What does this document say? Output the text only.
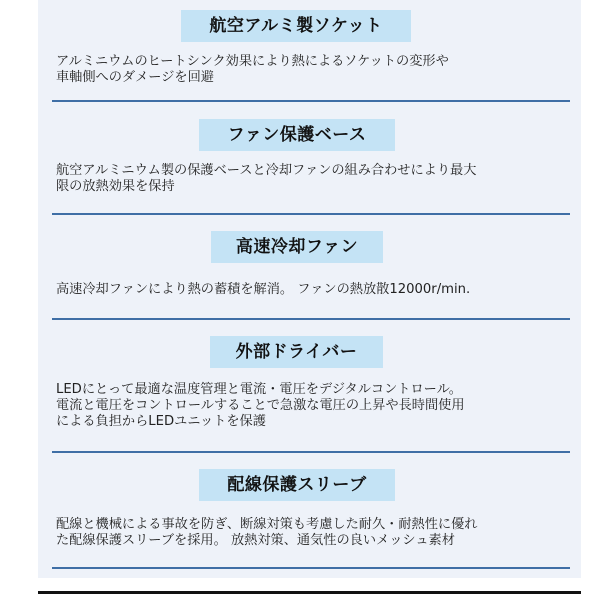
航空アルミ製ソケット
アルミニウムのヒートシンク効果により熱によるソケットの変形や
車軸側へのダメージを回避
ファン保護ベース
航空アルミニウム製の保護ベースと冷却ファンの組み合わせにより最大
限の放熱効果を保持
高速冷却ファン
高速冷却ファンにより熱の蓄積を解消。 ファンの熱放散12000r/min.
外部ドライバー
LEDにとって最適な温度管理と電流・電圧をデジタルコントロール。
電流と電圧をコントロールすることで急激な電圧の上昇や長時間使用
による負担からLEDユニットを保護
配線保護スリーブ
配線と機械による事故を防ぎ、断線対策も考慮した耐久・耐熱性に優れ
た配線保護スリーブを採用。 放熱対策、通気性の良いメッシュ素材
